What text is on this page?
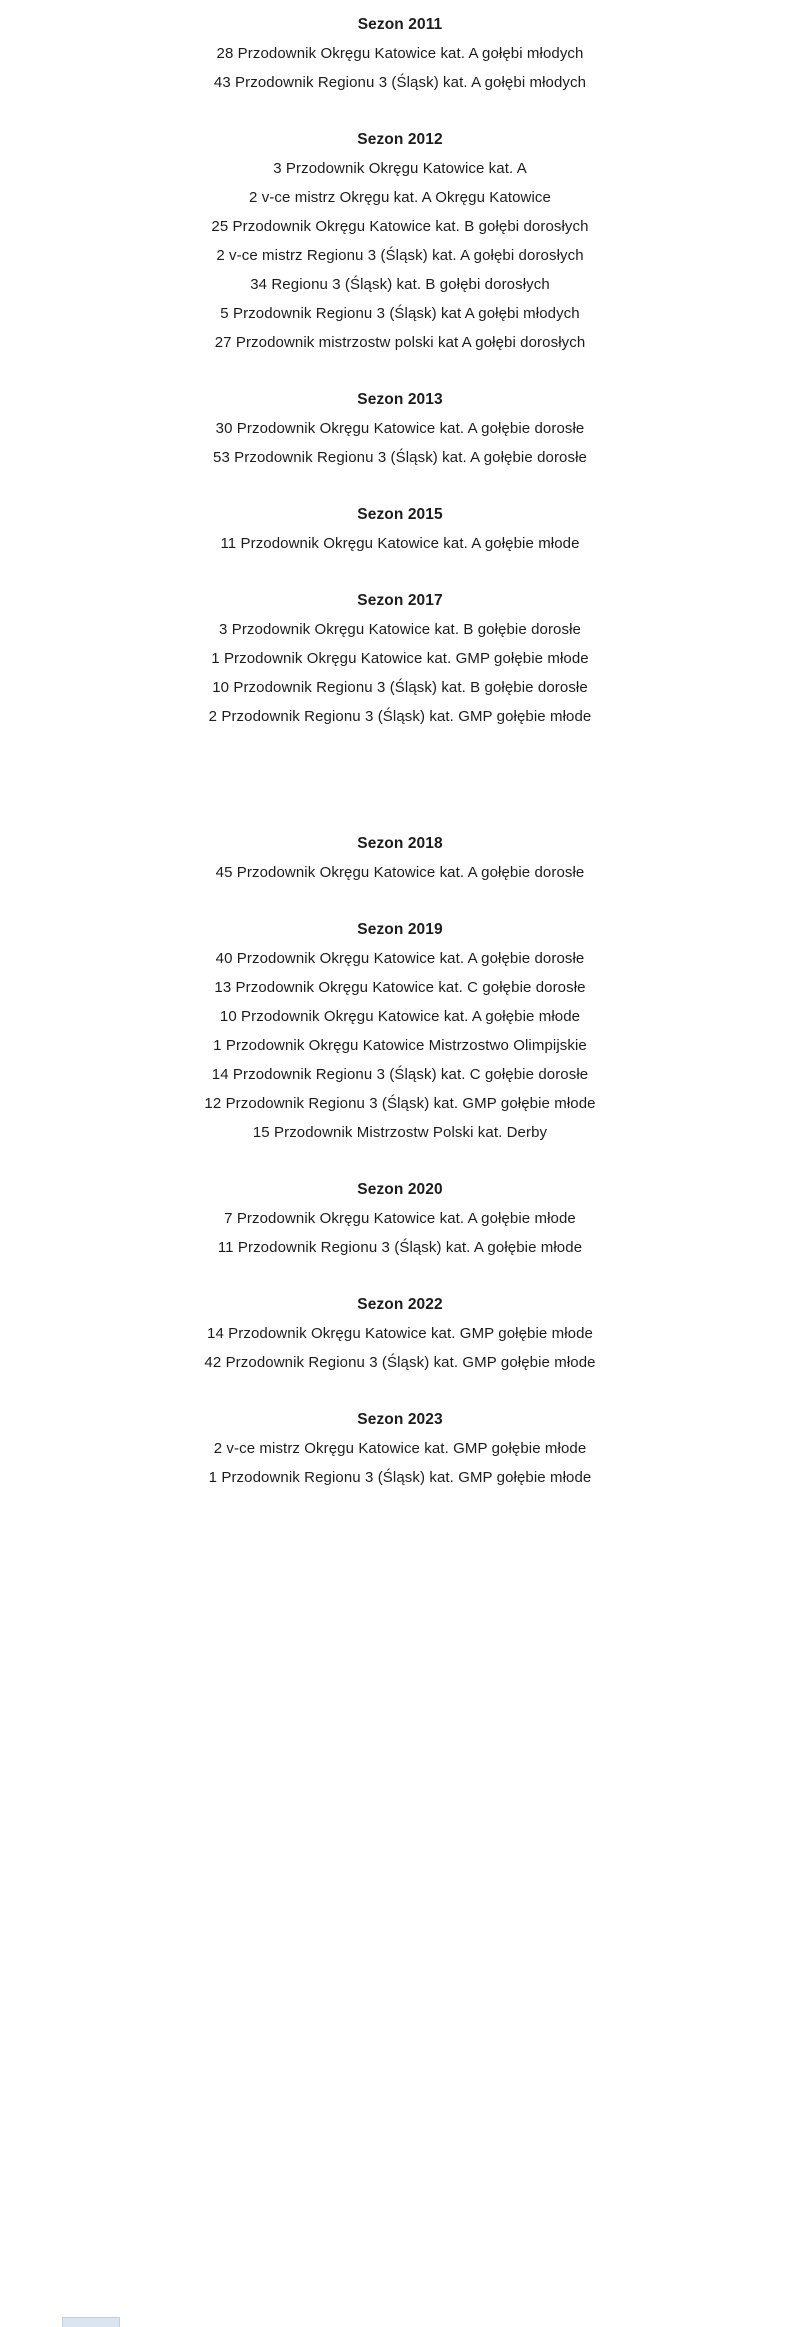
Sezon 2011

28 Przodownik Okręgu Katowice kat. A gołębi młodych

43 Przodownik Regionu 3 (Śląsk) kat. A gołębi młodych

Sezon 2012

3 Przodownik Okręgu Katowice kat. A

2 v-ce mistrz Okręgu kat. A Okręgu Katowice

25 Przodownik Okręgu Katowice kat. B gołębi dorosłych

2 v-ce mistrz Regionu 3 (Śląsk) kat. A gołębi dorosłych

34 Regionu 3 (Śląsk) kat. B gołębi dorosłych

5 Przodownik Regionu 3 (Śląsk) kat A gołębi młodych

27 Przodownik mistrzostw polski kat A gołębi dorosłych

Sezon 2013

30 Przodownik Okręgu Katowice kat. A gołębie dorosłe

53 Przodownik Regionu 3 (Śląsk) kat. A gołębie dorosłe

Sezon 2015

11 Przodownik Okręgu Katowice kat. A gołębie młode

Sezon 2017

3 Przodownik Okręgu Katowice kat. B gołębie dorosłe

1 Przodownik Okręgu Katowice kat. GMP gołębie młode

10 Przodownik Regionu 3 (Śląsk) kat. B gołębie dorosłe

2 Przodownik Regionu 3 (Śląsk) kat. GMP gołębie młode

Sezon 2018

45 Przodownik Okręgu Katowice kat. A gołębie dorosłe

Sezon 2019

40 Przodownik Okręgu Katowice kat. A gołębie dorosłe

13 Przodownik Okręgu Katowice kat. C gołębie dorosłe

10 Przodownik Okręgu Katowice kat. A gołębie młode

1 Przodownik Okręgu Katowice Mistrzostwo Olimpijskie

14 Przodownik Regionu 3 (Śląsk) kat. C gołębie dorosłe

12 Przodownik Regionu 3 (Śląsk) kat. GMP gołębie młode

15 Przodownik Mistrzostw Polski kat. Derby

Sezon 2020

7 Przodownik Okręgu Katowice kat. A gołębie młode

11 Przodownik Regionu 3 (Śląsk) kat. A gołębie młode

Sezon 2022

14 Przodownik Okręgu Katowice kat. GMP gołębie młode

42 Przodownik Regionu 3 (Śląsk) kat. GMP gołębie młode

Sezon 2023

2 v-ce mistrz Okręgu Katowice kat. GMP gołębie młode

1 Przodownik Regionu 3 (Śląsk) kat. GMP gołębie młode
